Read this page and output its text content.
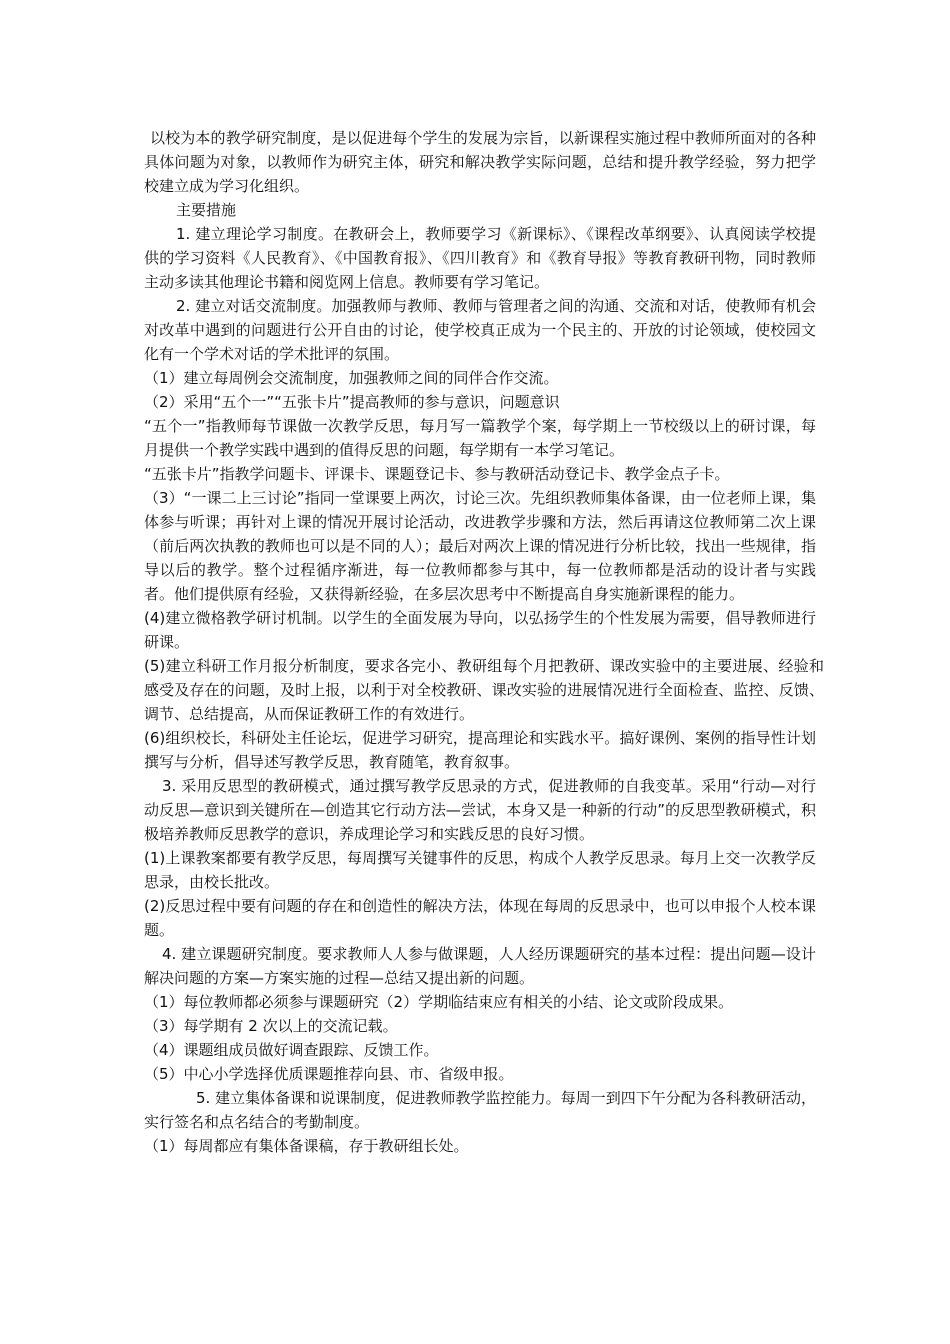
以校为本的教学研究制度，是以促进每个学生的发展为宗旨，以新课程实施过程中教师所面对的各种具体问题为对象，以教师作为研究主体，研究和解决教学实际问题，总结和提升教学经验，努力把学校建立成为学习化组织。

主要措施

1. 建立理论学习制度。在教研会上，教师要学习《新课标》、《课程改革纲要》、认真阅读学校提供的学习资料《人民教育》、《中国教育报》、《四川教育》和《教育导报》等教育教研刊物，同时教师主动多读其他理论书籍和阅览网上信息。教师要有学习笔记。

2. 建立对话交流制度。加强教师与教师、教师与管理者之间的沟通、交流和对话，使教师有机会对改革中遇到的问题进行公开自由的讨论，使学校真正成为一个民主的、开放的讨论领域，使校园文化有一个学术对话的学术批评的氛围。

（1）建立每周例会交流制度，加强教师之间的同伴合作交流。

（2）采用“五个一”“五张卡片”提高教师的参与意识，问题意识

“五个一”指教师每节课做一次教学反思，每月写一篇教学个案，每学期上一节校级以上的研讨课，每月提供一个教学实践中遇到的值得反思的问题，每学期有一本学习笔记。

“五张卡片”指教学问题卡、评课卡、课题登记卡、参与教研活动登记卡、教学金点子卡。

（3）“一课二上三讨论”指同一堂课要上两次，讨论三次。先组织教师集体备课，由一位老师上课，集体参与听课；再针对上课的情况开展讨论活动，改进教学步骤和方法，然后再请这位教师第二次上课（前后两次执教的教师也可以是不同的人）；最后对两次上课的情况进行分析比较，找出一些规律，指导以后的教学。整个过程循序渐进，每一位教师都参与其中，每一位教师都是活动的设计者与实践者。他们提供原有经验，又获得新经验，在多层次思考中不断提高自身实施新课程的能力。

(4)建立微格教学研讨机制。以学生的全面发展为导向，以弘扬学生的个性发展为需要，倡导教师进行研课。

(5)建立科研工作月报分析制度，要求各完小、教研组每个月把教研、课改实验中的主要进展、经验和感受及存在的问题，及时上报，以利于对全校教研、课改实验的进展情况进行全面检查、监控、反馈、调节、总结提高，从而保证教研工作的有效进行。

(6)组织校长，科研处主任论坛，促进学习研究，提高理论和实践水平。搞好课例、案例的指导性计划撰写与分析，倡导述写教学反思，教育随笔，教育叙事。

3. 采用反思型的教研模式，通过撰写教学反思录的方式，促进教师的自我变革。采用“行动—对行动反思—意识到关键所在—创造其它行动方法—尝试，本身又是一种新的行动”的反思型教研模式，积极培养教师反思教学的意识，养成理论学习和实践反思的良好习惯。

(1)上课教案都要有教学反思，每周撰写关键事件的反思，构成个人教学反思录。每月上交一次教学反思录，由校长批改。

(2)反思过程中要有问题的存在和创造性的解决方法，体现在每周的反思录中，也可以申报个人校本课题。

4. 建立课题研究制度。要求教师人人参与做课题，人人经历课题研究的基本过程：提出问题—设计解决问题的方案—方案实施的过程—总结又提出新的问题。

（1）每位教师都必须参与课题研究（2）学期临结束应有相关的小结、论文或阶段成果。

（3）每学期有 2 次以上的交流记载。

（4）课题组成员做好调查跟踪、反馈工作。

（5）中心小学选择优质课题推荐向县、市、省级申报。

5. 建立集体备课和说课制度，促进教师教学监控能力。每周一到四下午分配为各科教研活动，实行签名和点名结合的考勤制度。

（1）每周都应有集体备课稿，存于教研组长处。
